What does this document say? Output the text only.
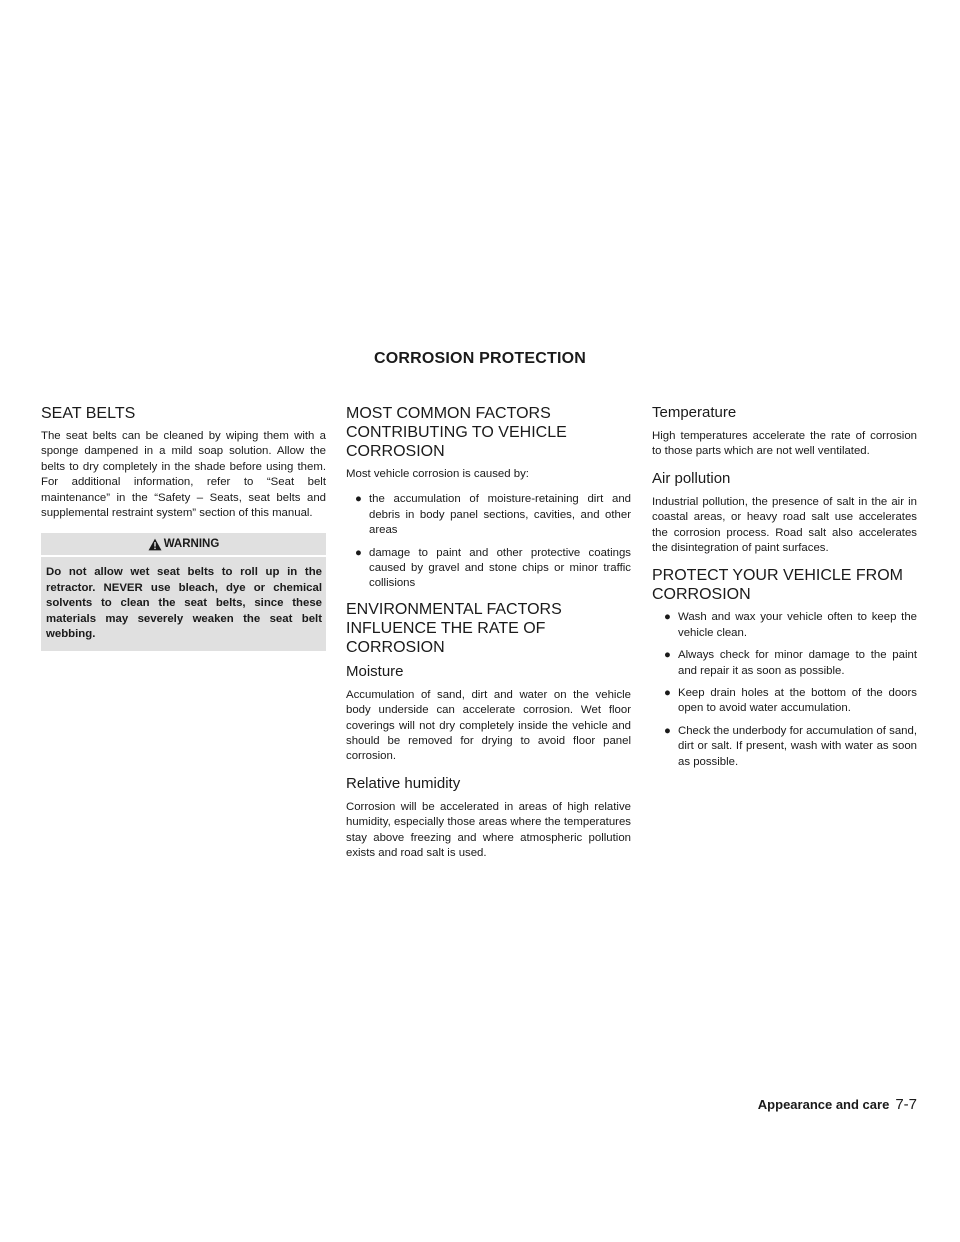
CORROSION PROTECTION
SEAT BELTS

The seat belts can be cleaned by wiping them with a sponge dampened in a mild soap solution. Allow the belts to dry completely in the shade before using them. For additional information, refer to “Seat belt maintenance” in the “Safety – Seats, seat belts and supplemental restraint system” section of this manual.

WARNING

Do not allow wet seat belts to roll up in the retractor. NEVER use bleach, dye or chemical solvents to clean the seat belts, since these materials may severely weaken the seat belt webbing.

MOST COMMON FACTORS CONTRIBUTING TO VEHICLE CORROSION

Most vehicle corrosion is caused by:

● the accumulation of moisture-retaining dirt and debris in body panel sections, cavities, and other areas
● damage to paint and other protective coatings caused by gravel and stone chips or minor traffic collisions
ENVIRONMENTAL FACTORS INFLUENCE THE RATE OF CORROSION
Moisture

Accumulation of sand, dirt and water on the vehicle body underside can accelerate corrosion. Wet floor coverings will not dry completely inside the vehicle and should be removed for drying to avoid floor panel corrosion.

Relative humidity

Corrosion will be accelerated in areas of high relative humidity, especially those areas where the temperatures stay above freezing and where atmospheric pollution exists and road salt is used.

Temperature

High temperatures accelerate the rate of corrosion to those parts which are not well ventilated.

Air pollution

Industrial pollution, the presence of salt in the air in coastal areas, or heavy road salt use accelerates the corrosion process. Road salt also accelerates the disintegration of paint surfaces.

PROTECT YOUR VEHICLE FROM CORROSION
● Wash and wax your vehicle often to keep the vehicle clean.
● Always check for minor damage to the paint and repair it as soon as possible.
● Keep drain holes at the bottom of the doors open to avoid water accumulation.
● Check the underbody for accumulation of sand, dirt or salt. If present, wash with water as soon as possible.
Appearance and care 7-7
